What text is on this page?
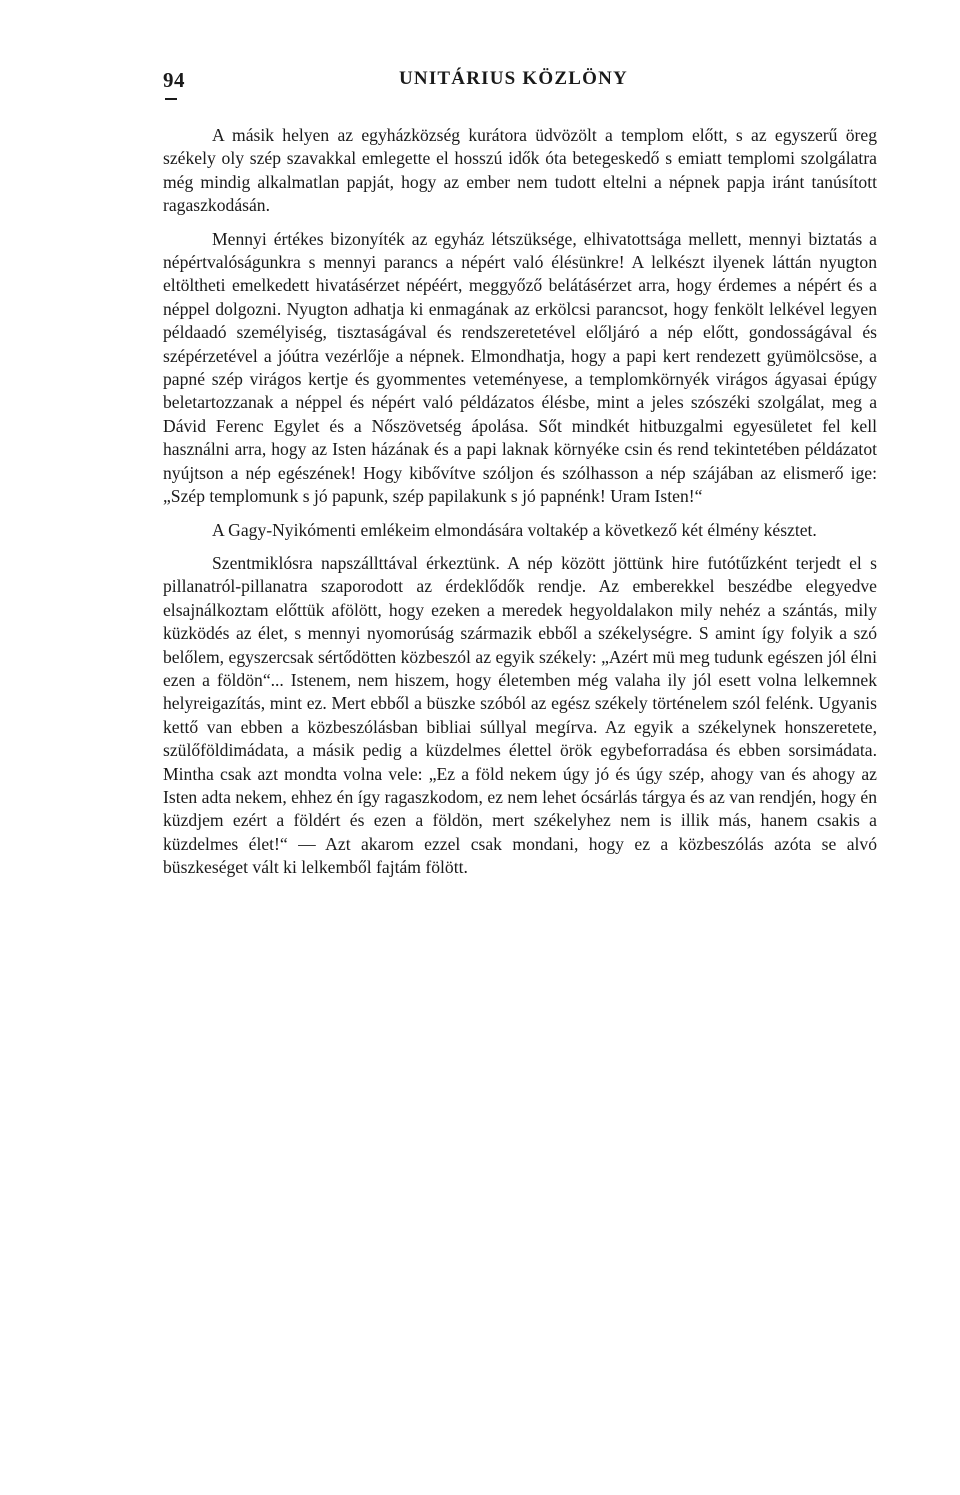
94	UNITÁRIUS KÖZLÖNY

A másik helyen az egyházközség kurátora üdvözölt a templom előtt, s az egyszerű öreg székely oly szép szavakkal emlegette el hosszú idők óta betegeskedő s emiatt templomi szolgálatra még mindig alkalmatlan papját, hogy az ember nem tudott eltelni a népnek papja iránt tanúsított ragaszkodásán.

Mennyi értékes bizonyíték az egyház létszüksége, elhivatottsága mellett, mennyi biztatás a népértvalóságunkra s mennyi parancs a népért való élésünkre! A lelkészt ilyenek láttán nyugton eltöltheti emelkedett hivatásérzet népéért, meggyőző belátásérzet arra, hogy érdemes a népért és a néppel dolgozni. Nyugton adhatja ki enmagának az erkölcsi parancsot, hogy fenkölt lelkével legyen példaadó személyiség, tisztaságával és rendszeretetével előljáró a nép előtt, gondosságával és szépérzetével a jóútra vezérlője a népnek. Elmondhatja, hogy a papi kert rendezett gyümölcsöse, a papné szép virágos kertje és gyommentes veteményese, a templomkörnyék virágos ágyasai épúgy beletartozzanak a néppel és népért való példázatos élésbe, mint a jeles szószéki szolgálat, meg a Dávid Ferenc Egylet és a Nőszövetség ápolása. Sőt mindkét hitbuzgalmi egyesületet fel kell használni arra, hogy az Isten házának és a papi laknak környéke csin és rend tekintetében példázatot nyújtson a nép egészének! Hogy kibővítve szóljon és szólhasson a nép szájában az elismerő ige: „Szép templomunk s jó papunk, szép papilakunk s jó papnénk! Uram Isten!“

A Gagy-Nyikómenti emlékeim elmondására voltakép a következő két élmény késztet.

Szentmiklósra napszállttával érkeztünk. A nép között jöttünk hire futótűzként terjedt el s pillanatról-pillanatra szaporodott az érdeklődők rendje. Az emberekkel beszédbe elegyedve elsajnálkoztam előttük afölött, hogy ezeken a meredek hegyoldalakon mily nehéz a szántás, mily küzködés az élet, s mennyi nyomorúság származik ebből a székelységre. S amint így folyik a szó belőlem, egyszercsak sértődötten közbeszól az egyik székely: „Azért mü meg tudunk egészen jól élni ezen a földön“... Istenem, nem hiszem, hogy életemben még valaha ily jól esett volna lelkemnek helyreigazítás, mint ez. Mert ebből a büszke szóból az egész székely történelem szól felénk. Ugyanis kettő van ebben a közbeszólásban bibliai súllyal megírva. Az egyik a székelynek honszeretete, szülőföldimádata, a másik pedig a küzdelmes élettel örök egybeforradása és ebben sorsimádata. Mintha csak azt mondta volna vele: „Ez a föld nekem úgy jó és úgy szép, ahogy van és ahogy az Isten adta nekem, ehhez én így ragaszkodom, ez nem lehet ócsárlás tárgya és az van rendjén, hogy én küzdjem ezért a földért és ezen a földön, mert székelyhez nem is illik más, hanem csakis a küzdelmes élet!“ — Azt akarom ezzel csak mondani, hogy ez a közbeszólás azóta se alvó büszkeséget vált ki lelkemből fajtám fölött.
